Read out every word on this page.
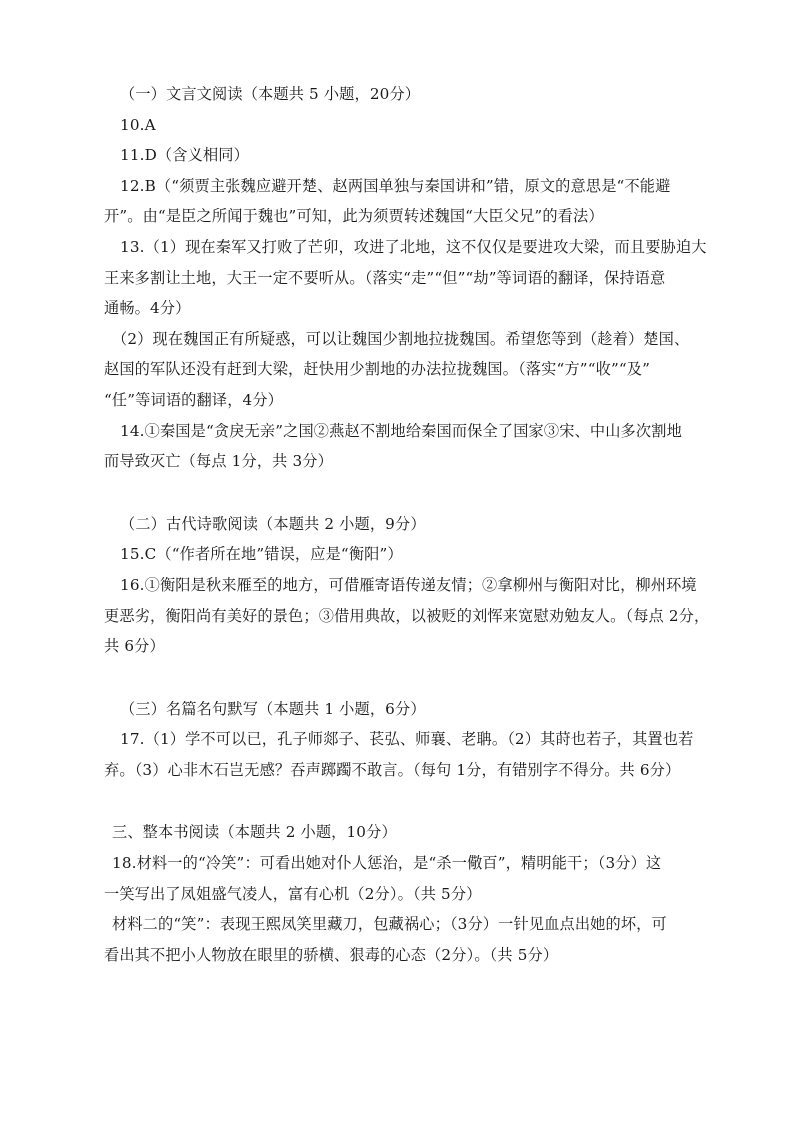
（一）文言文阅读（本题共 5 小题，20分）
10.A
11.D（含义相同）
12.B（“须贾主张魏应避开楚、赵两国单独与秦国讲和”错，原文的意思是“不能避
开”。由“是臣之所闻于魏也”可知，此为须贾转述魏国“大臣父兄”的看法）
13.（1）现在秦军又打败了芒卯，攻进了北地，这不仅仅是要进攻大梁，而且要胁迫大
王来多割让土地，大王一定不要听从。（落实“走”“但”“劫”等词语的翻译，保持语意
通畅。4分）
（2）现在魏国正有所疑惑，可以让魏国少割地拉拢魏国。希望您等到（趁着）楚国、
赵国的军队还没有赶到大梁，赶快用少割地的办法拉拢魏国。（落实“方”“收”“及”
“任”等词语的翻译，4分）
14.①秦国是“贪戾无亲”之国②燕赵不割地给秦国而保全了国家③宋、中山多次割地
而导致灭亡（每点 1分，共 3分）
（二）古代诗歌阅读（本题共 2 小题，9分）
15.C（“作者所在地”错误，应是“衡阳”）
16.①衡阳是秋来雁至的地方，可借雁寄语传递友情；②拿柳州与衡阳对比，柳州环境
更恶劣，衡阳尚有美好的景色；③借用典故，以被贬的刘恽来宽慰劝勉友人。（每点 2分，
共 6分）
（三）名篇名句默写（本题共 1 小题，6分）
17.（1）学不可以已，孔子师郯子、苌弘、师襄、老聃。（2）其莳也若子，其置也若
弃。（3）心非木石岂无感？吞声踯躅不敢言。（每句 1分，有错别字不得分。共 6分）
三、整本书阅读（本题共 2 小题，10分）
18.材料一的“冷笑”：可看出她对仆人惩治，是“杀一儆百”，精明能干；（3分）这
一笑写出了凤姐盛气凌人，富有心机（2分）。（共 5分）
材料二的“笑”：表现王熙凤笑里藏刀，包藏祸心；（3分）一针见血点出她的坏，可
看出其不把小人物放在眼里的骄横、狠毒的心态（2分）。（共 5分）
